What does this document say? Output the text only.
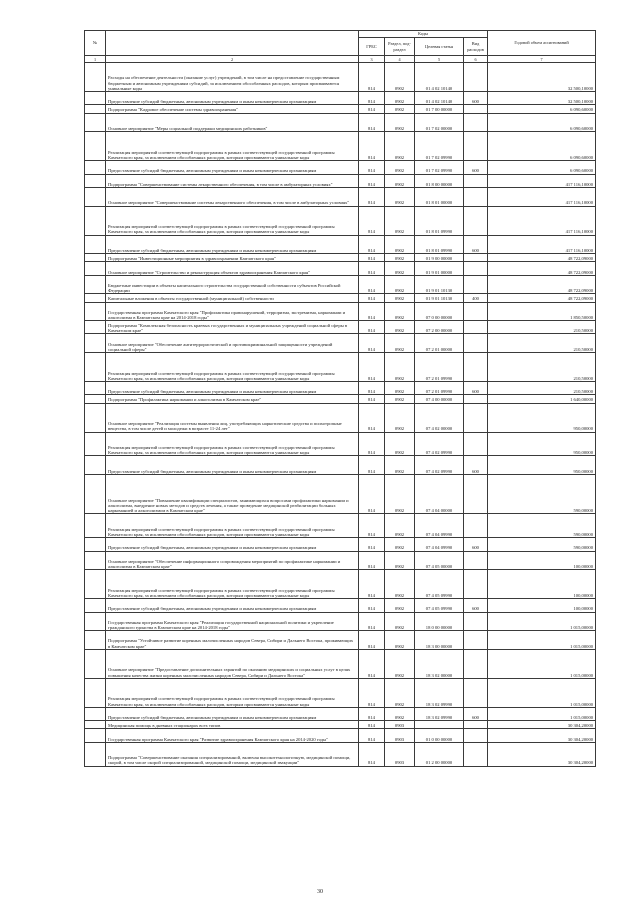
№		Коды				Годовой объем ассигнований
		ГРБС	Раздел, под-раздел	Целевая статья	Вид расходов	
1	2	3	4	5	6	7
	Расходы на обеспечение деятельности (оказание услуг) учреждений, в том числе на предоставление государственным бюджетным и автономным учреждениям субсидий, за исключением обособленных расходов, которым присваиваются уникальные коды	814	0902	01 4 02 10140		32 500,10000
	Предоставление субсидий бюджетным, автономным учреждениям и иным некоммерческим организациям	814	0902	01 4 02 10140	600	32 500,10000
	Подпрограмма "Кадровое обеспечение системы здравоохранения"	814	0902	01 7 00 00000		6 090,60000
	Основное мероприятие "Меры социальной поддержки медицинских работников"	814	0902	01 7 02 00000		6 090,60000
	Реализация мероприятий соответствующей подпрограммы в рамках соответствующей государственной программы Камчатского края, за исключением обособленных расходов, которым присваиваются уникальные коды	814	0902	01 7 02 09990		6 090,60000
	Предоставление субсидий бюджетным, автономным учреждениям и иным некоммерческим организациям	814	0902	01 7 02 09990	600	6 090,60000
	Подпрограмма "Совершенствование системы лекарственного обеспечения, в том числе в амбулаторных условиях"	814	0902	01 8 00 00000		417 116,10000
	Основное мероприятие "Совершенствование системы лекарственного обеспечения, в том числе в амбулаторных условиях"	814	0902	01 8 01 00000		417 116,10000
	Реализация мероприятий соответствующей подпрограммы в рамках соответствующей государственной программы Камчатского края, за исключением обособленных расходов, которым присваиваются уникальные коды	814	0902	01 8 01 09990		417 116,10000
	Предоставление субсидий бюджетным, автономным учреждениям и иным некоммерческим организациям	814	0902	01 8 01 09990	600	417 116,10000
	Подпрограмма "Инвестиционные мероприятия в здравоохранении Камчатского края"	814	0902	01 9 00 00000		48 722,09000
	Основное мероприятие "Строительство и реконструкция объектов здравоохранения Камчатского края"	814	0902	01 9 01 00000		48 722,09000
	Бюджетные инвестиции в объекты капитального строительства государственной собственности субъектов Российской Федерации	814	0902	01 9 01 10130		48 722,09000
	Капитальные вложения в объекты государственной (муниципальной) собственности	814	0902	01 9 01 10130	400	48 722,09000
	Государственная программа Камчатского края "Профилактика правонарушений, терроризма, экстремизма, наркомании и алкоголизма в Камчатском крае на 2014-2018 годы"	814	0902	07 0 00 00000		1 850,50000
	Подпрограмма "Комплексная безопасность краевых государственных и муниципальных учреждений социальной сферы в Камчатском крае"	814	0902	07 2 00 00000		210,50000
	Основное мероприятие "Обеспечение антитеррористической и противокриминальной защищенности учреждений социальной сферы"	814	0902	07 2 01 00000		210,50000
	Реализация мероприятий соответствующей подпрограммы в рамках соответствующей государственной программы Камчатского края, за исключением обособленных расходов, которым присваиваются уникальные коды	814	0902	07 2 01 09990		210,50000
	Предоставление субсидий бюджетным, автономным учреждениям и иным некоммерческим организациям	814	0902	07 2 01 09990	600	210,50000
	Подпрограмма "Профилактика наркомании и алкоголизма в Камчатском крае"	814	0902	07 4 00 00000		1 640,00000
	Основное мероприятие "Реализация системы выявления лиц, употребляющих наркотические средства и психотропные вещества, в том числе детей и молодежи в возрасте 11-24 лет"	814	0902	07 4 02 00000		950,00000
	Реализация мероприятий соответствующей подпрограммы в рамках соответствующей государственной программы Камчатского края, за исключением обособленных расходов, которым присваиваются уникальные коды	814	0902	07 4 02 09990		950,00000
	Предоставление субсидий бюджетным, автономным учреждениям и иным некоммерческим организациям	814	0902	07 4 02 09990	600	950,00000
	Основное мероприятие "Повышение квалификации специалистов, занимающихся вопросами профилактики наркомании и алкоголизма, внедрение новых методов и средств лечения, а также проведение медицинской реабилитации больных наркоманией и алкоголизмом в Камчатском крае"	814	0902	07 4 04 00000		590,00000
	Реализация мероприятий соответствующей подпрограммы в рамках соответствующей государственной программы Камчатского края, за исключением обособленных расходов, которым присваиваются уникальные коды	814	0902	07 4 04 09990		590,00000
	Предоставление субсидий бюджетным, автономным учреждениям и иным некоммерческим организациям	814	0902	07 4 04 09990	600	590,00000
	Основное мероприятие "Обеспечение информационного сопровождения мероприятий по профилактике наркомании и алкоголизма в Камчатском крае"	814	0902	07 4 05 00000		100,00000
	Реализация мероприятий соответствующей подпрограммы в рамках соответствующей государственной программы Камчатского края, за исключением обособленных расходов, которым присваиваются уникальные коды	814	0902	07 4 05 09990		100,00000
	Предоставление субсидий бюджетным, автономным учреждениям и иным некоммерческим организациям	814	0902	07 4 05 09990	600	100,00000
	Государственная программа Камчатского края "Реализация государственной национальной политики и укрепление гражданского единства в Камчатском крае на 2014-2018 годы"	814	0902	18 0 00 00000		1 015,00000
	Подпрограмма "Устойчивое развитие коренных малочисленных народов Севера, Сибири и Дальнего Востока, проживающих в Камчатском крае"	814	0902	18 3 00 00000		1 015,00000
	Основное мероприятие "Предоставление дополнительных гарантий по оказанию медицинских и социальных услуг в целях повышения качества жизни коренных малочисленных народов Севера, Сибири и Дальнего Востока"	814	0902	18 3 02 00000		1 015,00000
	Реализация мероприятий соответствующей подпрограммы в рамках соответствующей государственной программы Камчатского края, за исключением обособленных расходов, которым присваиваются уникальные коды	814	0902	18 3 02 09990		1 015,00000
	Предоставление субсидий бюджетным, автономным учреждениям и иным некоммерческим организациям	814	0902	18 3 02 09990	600	1 015,00000
	Медицинская помощь в дневных стационарах всех типов	814	0903			30 304,20000
	Государственная программа Камчатского края "Развитие здравоохранения Камчатского края на 2014-2020 годы"	814	0903	01 0 00 00000		30 304,20000
	Подпрограмма "Совершенствование оказания специализированной, включая высокотехнологичную, медицинской помощи, скорой, в том числе скорой специализированной, медицинской помощи, медицинской эвакуации"	814	0903	01 2 00 00000		30 304,20000
30
